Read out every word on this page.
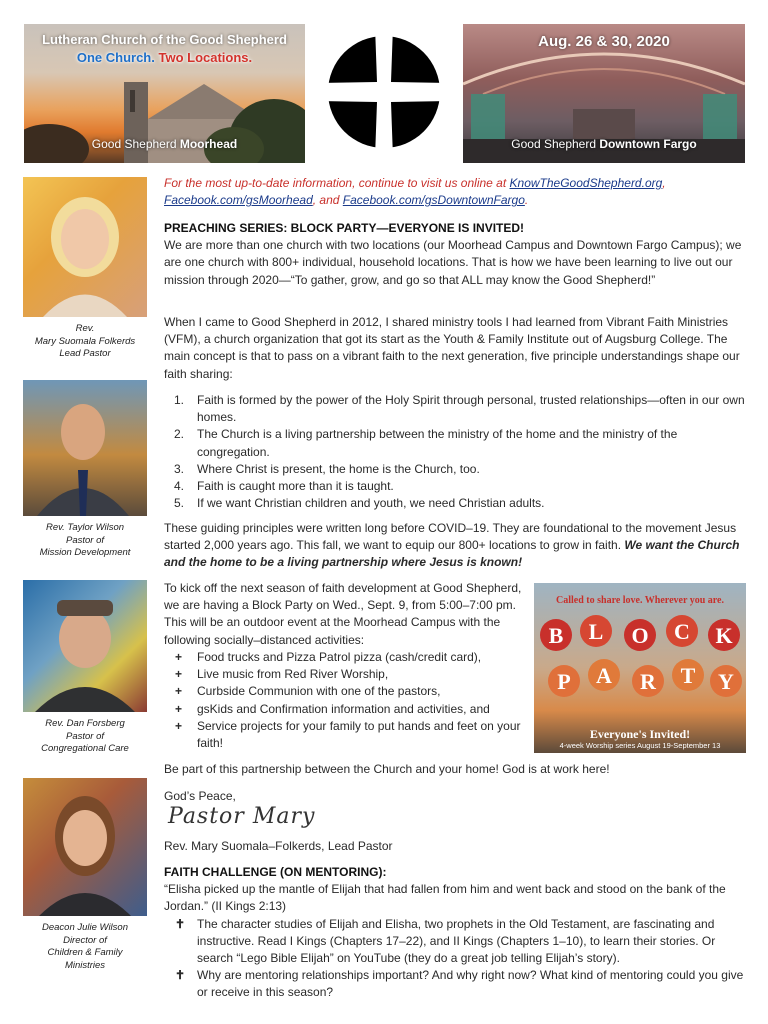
Lutheran Church of the Good Shepherd
One Church. Two Locations.
Good Shepherd Moorhead
Aug. 26 & 30, 2020
Good Shepherd Downtown Fargo
Rev.
Mary Suomala Folkerds
Lead Pastor
Rev. Taylor Wilson
Pastor of
Mission Development
Rev. Dan Forsberg
Pastor of
Congregational Care
Deacon Julie Wilson
Director of
Children & Family
Ministries
For the most up-to-date information, continue to visit us online at KnowTheGoodShepherd.org, Facebook.com/gsMoorhead, and Facebook.com/gsDowntownFargo.

PREACHING SERIES: BLOCK PARTY—EVERYONE IS INVITED!

We are more than one church with two locations (our Moorhead Campus and Downtown Fargo Campus); we are one church with 800+ individual, household locations. That is how we have been learning to live out our mission through 2020—“To gather, grow, and go so that ALL may know the Good Shepherd!”

When I came to Good Shepherd in 2012, I shared ministry tools I had learned from Vibrant Faith Ministries (VFM), a church organization that got its start as the Youth & Family Institute out of Augsburg College. The main concept is that to pass on a vibrant faith to the next generation, five principle understandings shape our faith sharing:

1. Faith is formed by the power of the Holy Spirit through personal, trusted relationships—often in our own homes.
2. The Church is a living partnership between the ministry of the home and the ministry of the congregation.
3. Where Christ is present, the home is the Church, too.
4. Faith is caught more than it is taught.
5. If we want Christian children and youth, we need Christian adults.

These guiding principles were written long before COVID–19. They are foundational to the movement Jesus started 2,000 years ago. This fall, we want to equip our 800+ locations to grow in faith. We want the Church and the home to be a living partnership where Jesus is known!

To kick off the next season of faith development at Good Shepherd, we are having a Block Party on Wed., Sept. 9, from 5:00–7:00 pm. This will be an outdoor event at the Moorhead Campus with the following socially–distanced activities:

+ Food trucks and Pizza Patrol pizza (cash/credit card),
+ Live music from Red River Worship,
+ Curbside Communion with one of the pastors,
+ gsKids and Confirmation information and activities, and
+ Service projects for your family to put hands and feet on your faith!
Called to share love. Wherever you are.
B L O C K
P A R T Y
Everyone's Invited!
4-week Worship series August 19-September 13

Be part of this partnership between the Church and your home! God is at work here!

God’s Peace,

Pastor Mary

Rev. Mary Suomala–Folkerds, Lead Pastor

FAITH CHALLENGE (ON MENTORING):

“Elisha picked up the mantle of Elijah that had fallen from him and went back and stood on the bank of the Jordan.” (II Kings 2:13)

✝ The character studies of Elijah and Elisha, two prophets in the Old Testament, are fascinating and instructive. Read I Kings (Chapters 17–22), and II Kings (Chapters 1–10), to learn their stories. Or search “Lego Bible Elijah” on YouTube (they do a great job telling Elijah’s story).
✝ Why are mentoring relationships important? And why right now? What kind of mentoring could you give or receive in this season?
